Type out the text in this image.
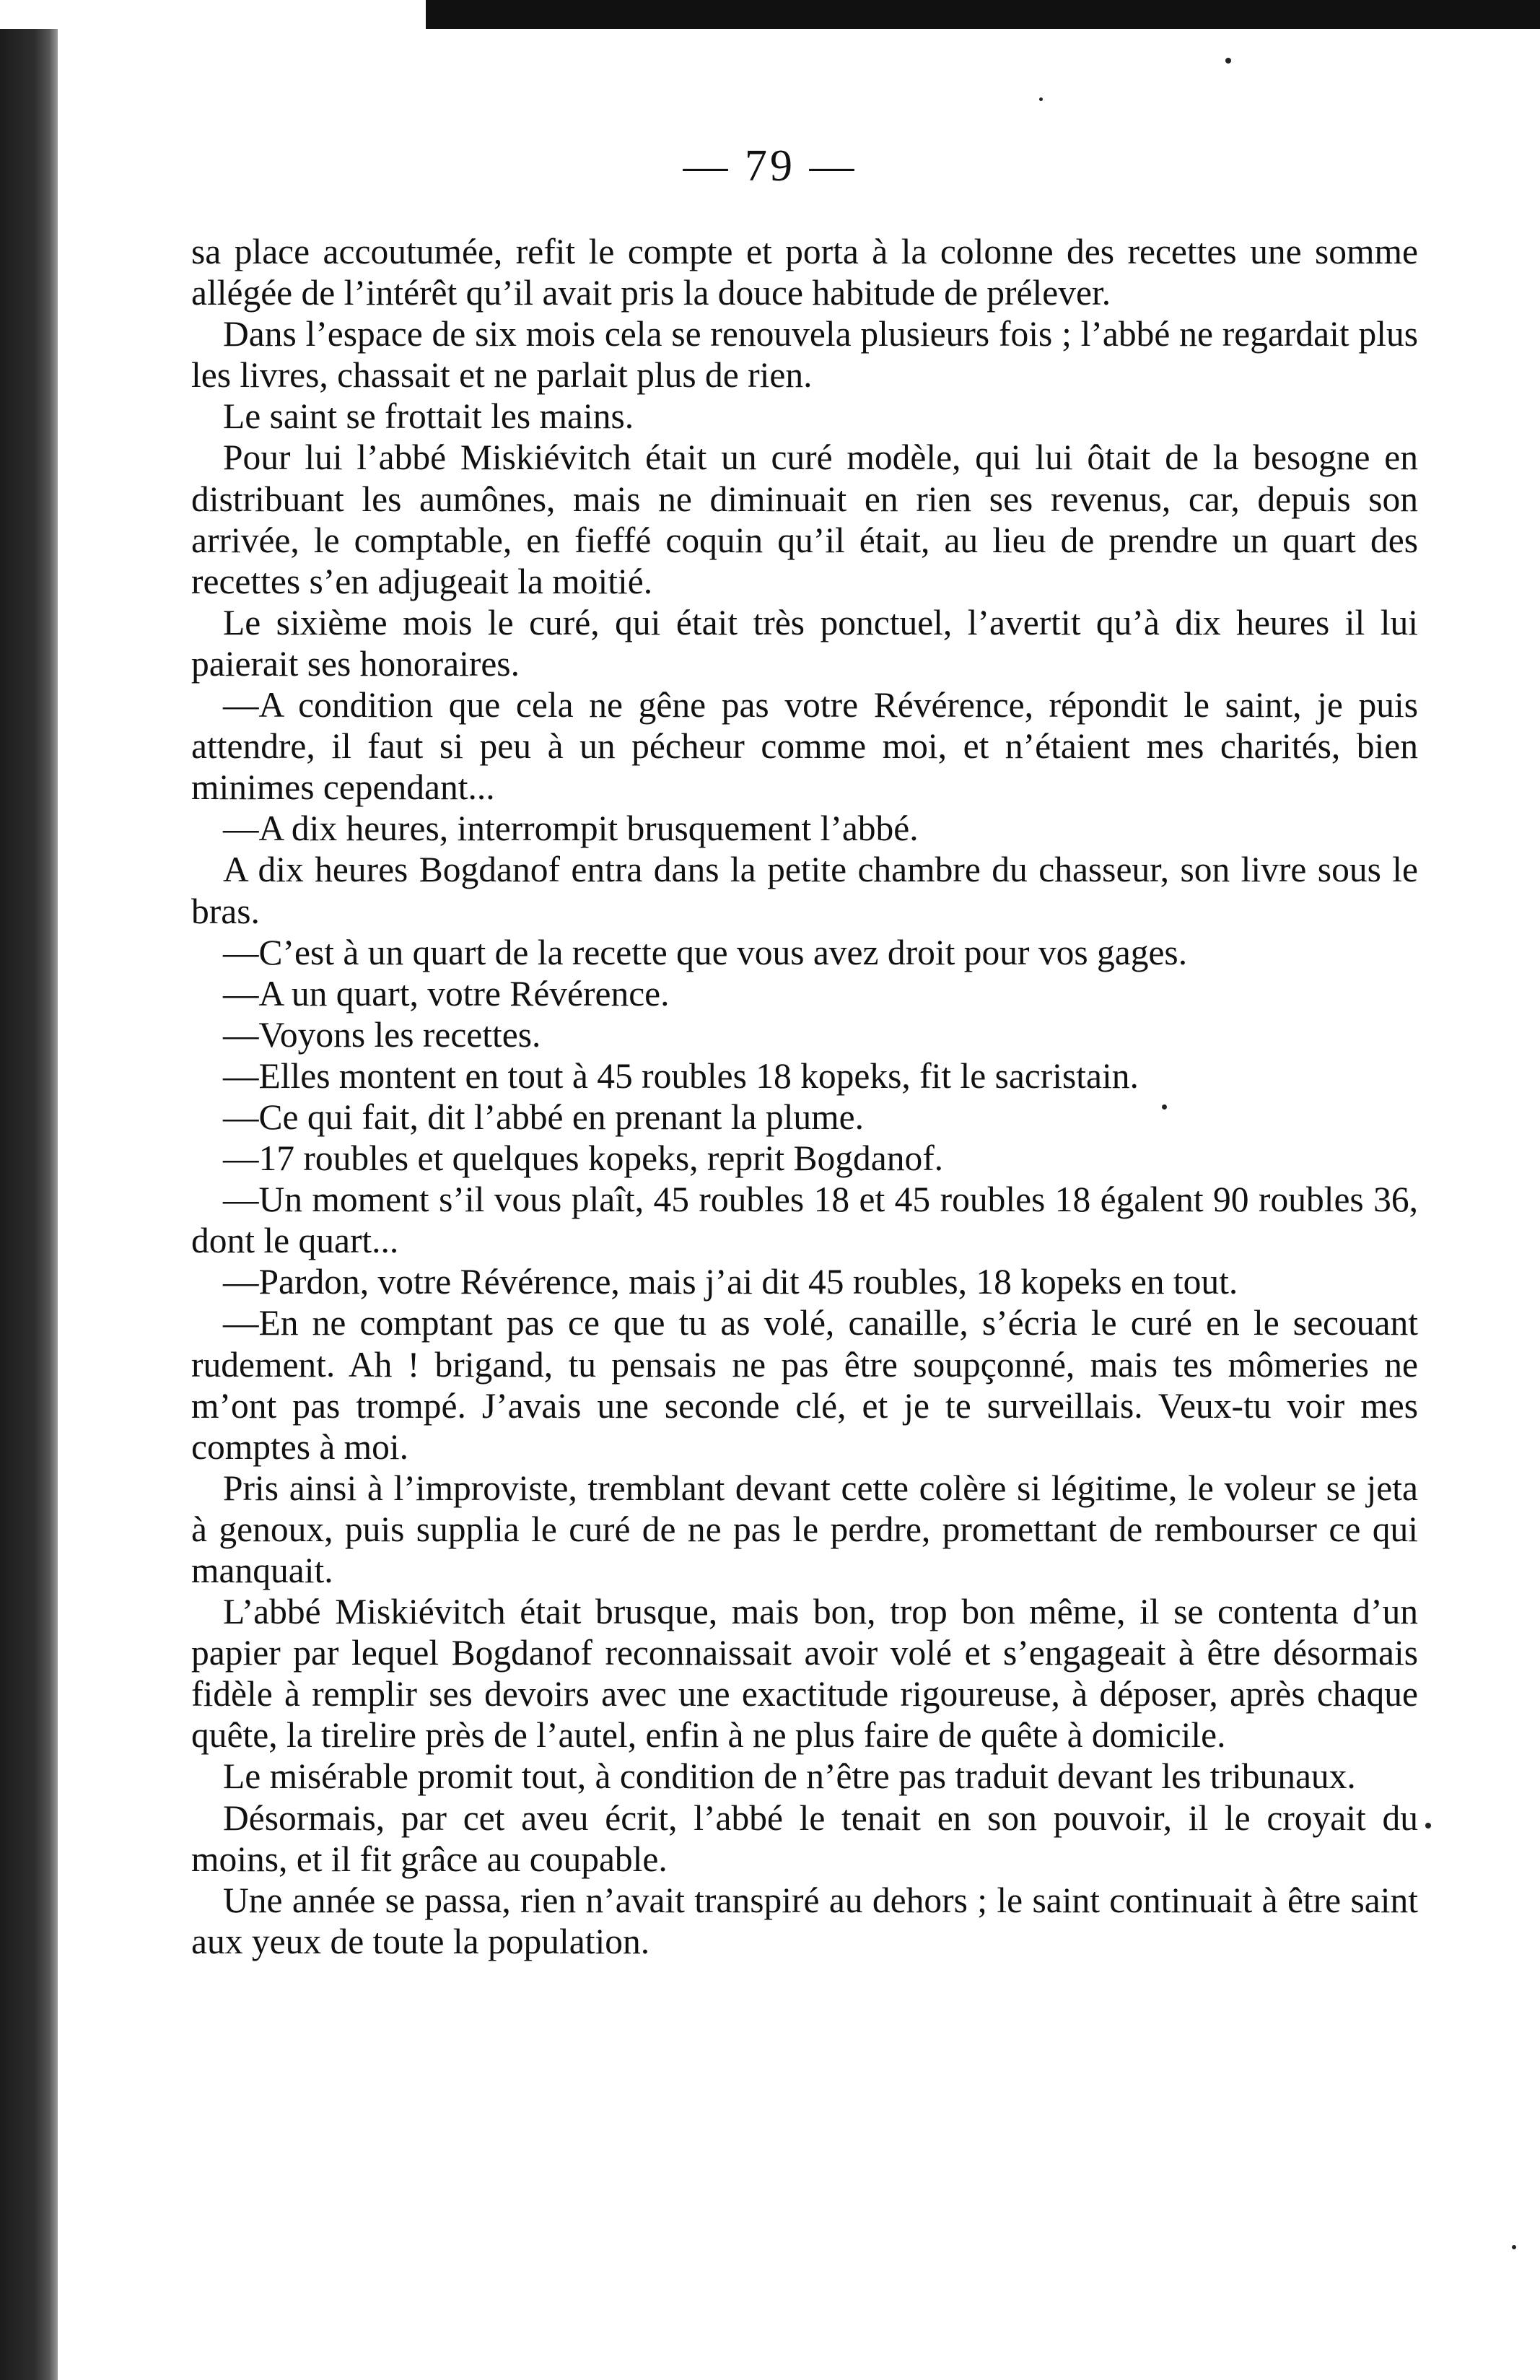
— 79 —

sa place accoutumée, refit le compte et porta à la colonne des recettes une somme allégée de l’intérêt qu’il avait pris la douce habitude de prélever.

Dans l’espace de six mois cela se renouvela plusieurs fois ; l’abbé ne regardait plus les livres, chassait et ne parlait plus de rien.

Le saint se frottait les mains.

Pour lui l’abbé Miskiévitch était un curé modèle, qui lui ôtait de la besogne en distribuant les aumônes, mais ne diminuait en rien ses revenus, car, depuis son arrivée, le comptable, en fieffé coquin qu’il était, au lieu de prendre un quart des recettes s’en adjugeait la moitié.

Le sixième mois le curé, qui était très ponctuel, l’avertit qu’à dix heures il lui paierait ses honoraires.

—A condition que cela ne gêne pas votre Révérence, répondit le saint, je puis attendre, il faut si peu à un pécheur comme moi, et n’étaient mes charités, bien minimes cependant...

—A dix heures, interrompit brusquement l’abbé.

A dix heures Bogdanof entra dans la petite chambre du chasseur, son livre sous le bras.

—C’est à un quart de la recette que vous avez droit pour vos gages.

—A un quart, votre Révérence.

—Voyons les recettes.

—Elles montent en tout à 45 roubles 18 kopeks, fit le sacristain.

—Ce qui fait, dit l’abbé en prenant la plume.

—17 roubles et quelques kopeks, reprit Bogdanof.

—Un moment s’il vous plaît, 45 roubles 18 et 45 roubles 18 égalent 90 roubles 36, dont le quart...

—Pardon, votre Révérence, mais j’ai dit 45 roubles, 18 kopeks en tout.

—En ne comptant pas ce que tu as volé, canaille, s’écria le curé en le secouant rudement. Ah ! brigand, tu pensais ne pas être soupçonné, mais tes mômeries ne m’ont pas trompé. J’avais une seconde clé, et je te surveillais. Veux-tu voir mes comptes à moi.

Pris ainsi à l’improviste, tremblant devant cette colère si légitime, le voleur se jeta à genoux, puis supplia le curé de ne pas le perdre, promettant de rembourser ce qui manquait.

L’abbé Miskiévitch était brusque, mais bon, trop bon même, il se contenta d’un papier par lequel Bogdanof reconnaissait avoir volé et s’engageait à être désormais fidèle à remplir ses devoirs avec une exactitude rigoureuse, à déposer, après chaque quête, la tirelire près de l’autel, enfin à ne plus faire de quête à domicile.

Le misérable promit tout, à condition de n’être pas traduit devant les tribunaux.

Désormais, par cet aveu écrit, l’abbé le tenait en son pouvoir, il le croyait du moins, et il fit grâce au coupable.

Une année se passa, rien n’avait transpiré au dehors ; le saint continuait à être saint aux yeux de toute la population.
